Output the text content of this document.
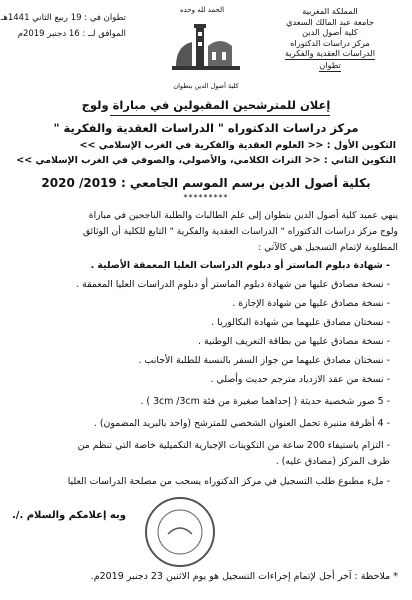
المملكة المغربية
جامعة عبد المالك السعدي
كلية أصول الدين
مركز دراسات الدكتوراه
الدراسات العقدية والفكرية
تطوان
تطوان في : 19 ربيع الثاني 1441هـ
الموافق لــ : 16 دجنبر 2019م
الحمد لله وحده
كلية أصول الدين بتطوان
إعلان للمترشحين المقبولين في مباراة ولوج
مركز دراسات الدكتوراه " الدراسات العقدية والفكرية "
التكوين الأول : << العلوم العقدية والفكرية في الغرب الإسلامي >>
التكوين الثاني : << التراث الكلامي، والأصولي، والصوفي في الغرب الإسلامي >>
بكلية أصول الدين برسم الموسم الجامعي : 2019/ 2020
*********
ينهي عميد كلية أصول الدين بتطوان إلى علم الطالبات والطلبة الناجحين في مباراة
ولوج مركز دراسات الدكتوراه " الدراسات العقدية والفكرية " التابع للكلية أن الوثائق
المطلوبة لإتمام التسجيل هي كالآتي :
- شهادة دبلوم الماستر أو دبلوم الدراسات العليا المعمقة الأصلية .
- نسخة مصادق عليها من شهادة دبلوم الماستر أو دبلوم الدراسات العليا المعمقة .
- نسخة مصادق عليها من شهادة الإجازة .
- نسختان مصادق عليهما من شهادة البكالوريا .
- نسخة مصادق عليها من بطاقة التعريف الوطنية .
- نسختان مصادق عليهما من جواز السفر بالنسبة للطلبة الأجانب .
- نسخة من عقد الازدياد مترجم حديث وأصلي .
- 5 صور شخصية حديثة ( إحداهما صغيرة من فئة 3cm /3cm ) .
- 4 أظرفة متنبرة تحمل العنوان الشخصي للمترشح (واحد بالبريد المضمون) .
- التزام باستيفاء 200 ساعة من التكوينات الإجبارية التكميلية خاصة التي تنظم من
طرف المركز (مصادق عليه) .
- ملء مطبوع طلب التسجيل في مركز الدكتوراه يسحب من مصلحة الدراسات العليا
وبه إعلامكم والسلام ./.
* ملاحظة : آخر أجل لإتمام إجراءات التسجيل هو يوم الاثنين 23 دجنبر 2019م.
